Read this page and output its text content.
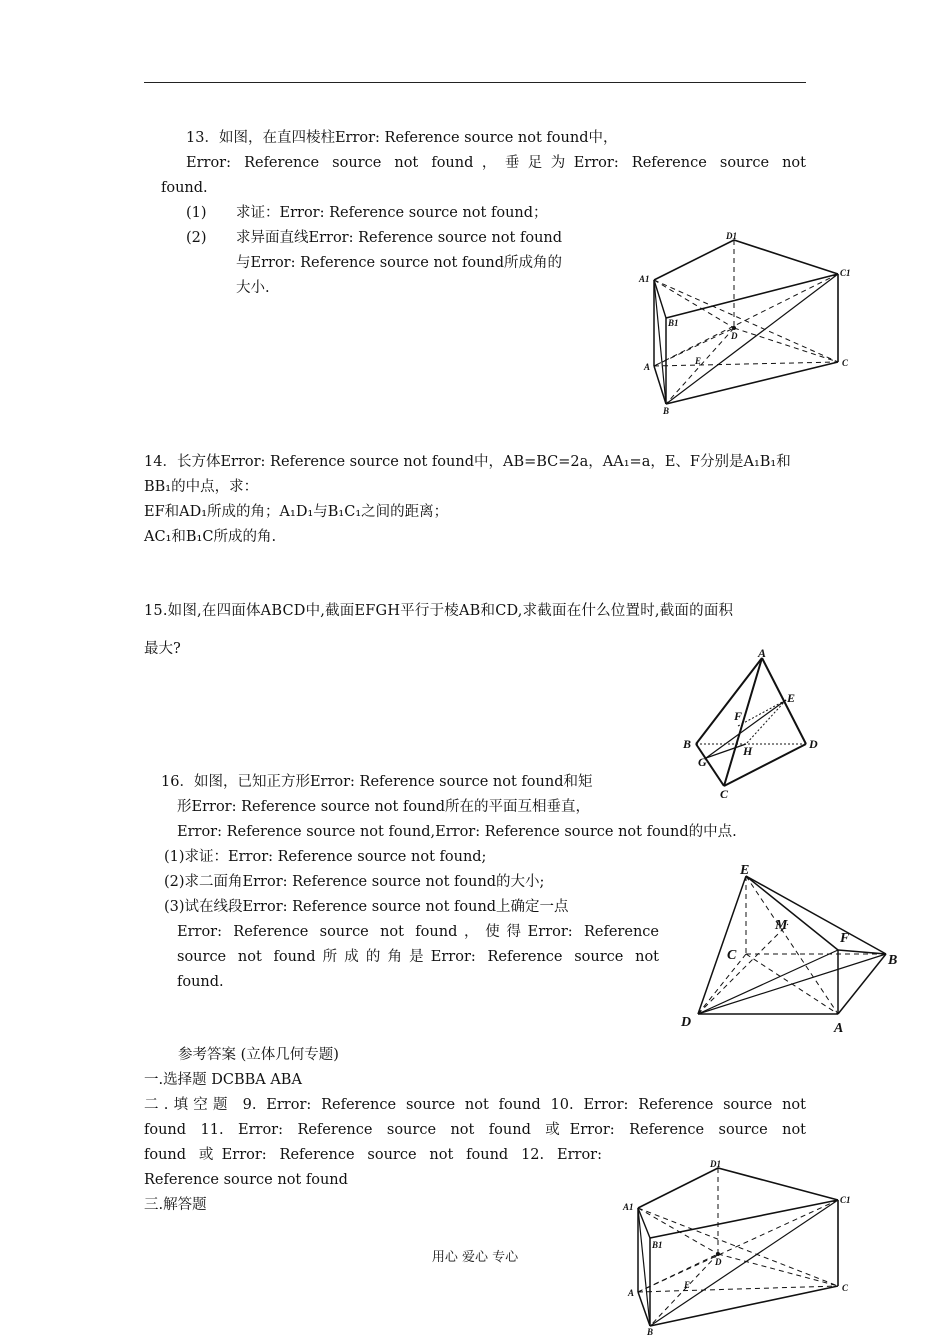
13．如图，在直四棱柱Error: Reference source not found中，
Error: Reference source not found，垂足为Error: Reference source not
found.
(1) 求证：Error: Reference source not found；
(2) 求异面直线Error: Reference source not found
与Error: Reference source not found所成角的
大小.
D1
A1
C1
B1
D
E
A	C
B
14．长方体Error: Reference source not found中，AB=BC=2a，AA₁=a，E、F分别是A₁B₁和
BB₁的中点，求：
EF和AD₁所成的角；A₁D₁与B₁C₁之间的距离；
AC₁和B₁C所成的角.
15.如图,在四面体ABCD中,截面EFGH平行于棱AB和CD,求截面在什么位置时,截面的面积
最大?	A
E
F
B	H	D
G
C
16．如图，已知正方形Error: Reference source not found和矩
形Error: Reference source not found所在的平面互相垂直，
Error: Reference source not found,Error: Reference source not found的中点.
(1)求证：Error: Reference source not found;
(2)求二面角Error: Reference source not found的大小;
(3)试在线段Error: Reference source not found上确定一点
Error: Reference source not found，使得Error: Reference
source not found所成的角是Error: Reference source not
found.
E
M
F
C	B
D	A
参考答案 (立体几何专题)
一.选择题 DCBBA ABA
二.填空题 9. Error: Reference source not found 10. Error: Reference source not
found 11. Error: Reference source not found 或Error: Reference source not
found 或Error: Reference source not found 12. Error:
Reference source not found
三.解答题
D1
A1
C1
B1
D
E
A	C
B
用心 爱心 专心
